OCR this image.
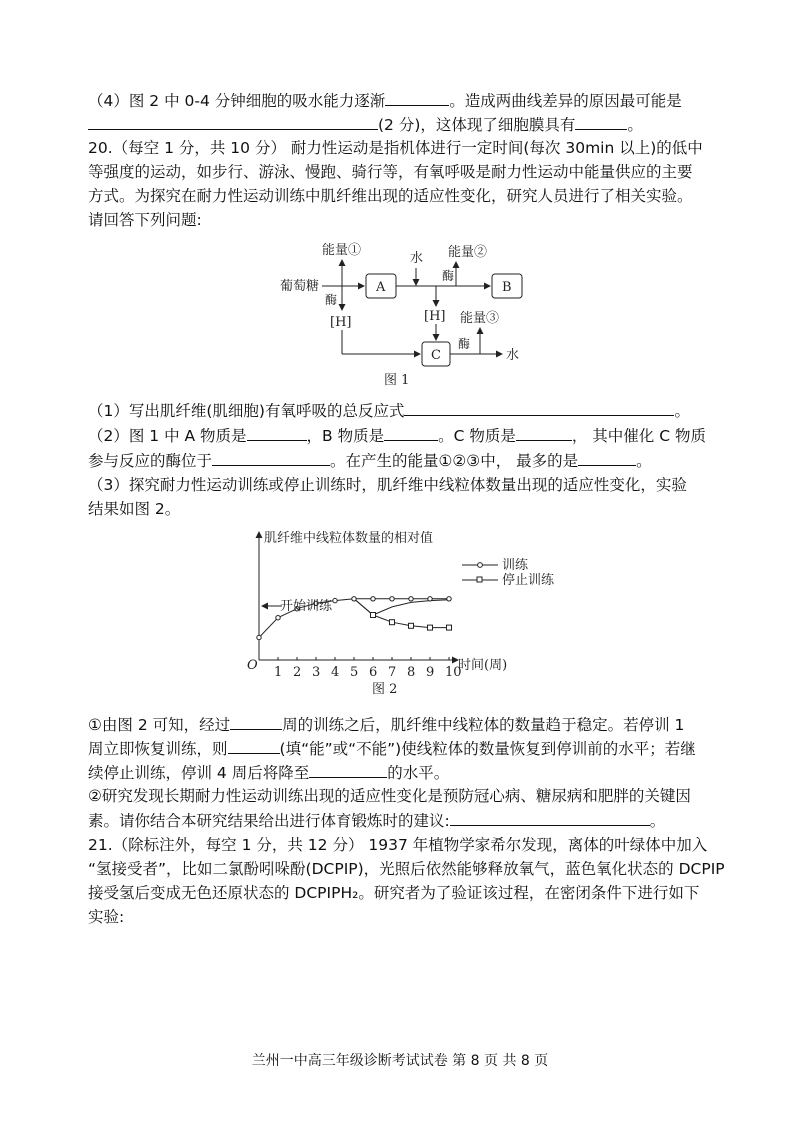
（4）图 2 中 0-4 分钟细胞的吸水能力逐渐	。造成两曲线差异的原因最可能是
(2 分)，这体现了细胞膜具有	。
20.（每空 1 分，共 10 分） 耐力性运动是指机体进行一定时间(每次 30min 以上)的低中
等强度的运动，如步行、游泳、慢跑、骑行等，有氧呼吸是耐力性运动中能量供应的主要
方式。为探究在耐力性运动训练中肌纤维出现的适应性变化，研究人员进行了相关实验。
请回答下列问题:
能量①	能量②
能量③
葡萄糖
酶
酶
酶
水
[H]	[H]
A	B
C	水
图 1
（1）写出肌纤维(肌细胞)有氧呼吸的总反应式	。
（2）图 1 中 A 物质是	，B 物质是	。C 物质是	， 其中催化 C 物质
参与反应的酶位于	。在产生的能量①②③中， 最多的是	。
（3）探究耐力性运动训练或停止训练时，肌纤维中线粒体数量出现的适应性变化，实验
结果如图 2。
肌纤维中线粒体数量的相对值
时间(周)
O 1 2 3 4 5 6 7 8 9 10
开始训练
训练
停止训练
图 2
①由图 2 可知，经过	周的训练之后，肌纤维中线粒体的数量趋于稳定。若停训 1
周立即恢复训练，则	(填“能”或“不能”)使线粒体的数量恢复到停训前的水平；若继
续停止训练，停训 4 周后将降至	的水平。
②研究发现长期耐力性运动训练出现的适应性变化是预防冠心病、糖尿病和肥胖的关键因
素。请你结合本研究结果给出进行体育锻炼时的建议:	。
21.（除标注外，每空 1 分，共 12 分） 1937 年植物学家希尔发现，离体的叶绿体中加入
“氢接受者”，比如二氯酚吲哚酚(DCPIP)，光照后依然能够释放氧气，蓝色氧化状态的 DCPIP
接受氢后变成无色还原状态的 DCPIPH₂。研究者为了验证该过程，在密闭条件下进行如下
实验:
兰州一中高三年级诊断考试试卷 第 8 页 共 8 页
